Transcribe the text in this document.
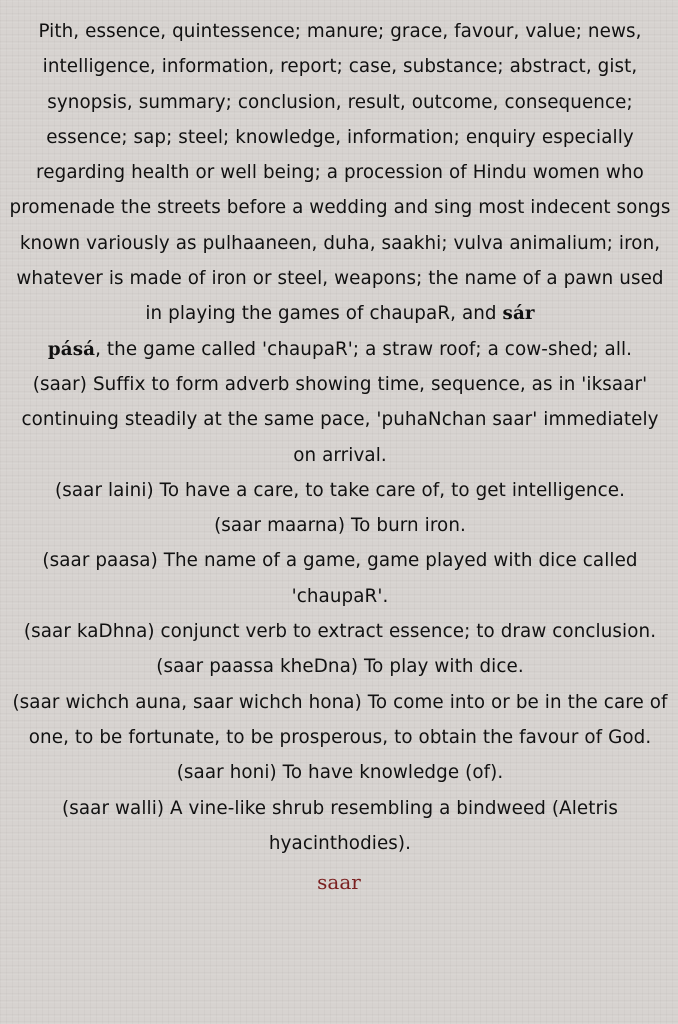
Pith, essence, quintessence; manure; grace, favour, value; news, intelligence, information, report; case, substance; abstract, gist, synopsis, summary; conclusion, result, outcome, consequence; essence; sap; steel; knowledge, information; enquiry especially regarding health or well being; a procession of Hindu women who promenade the streets before a wedding and sing most indecent songs known variously as pulhaaneen, duha, saakhi; vulva animalium; iron, whatever is made of iron or steel, weapons; the name of a pawn used in playing the games of chaupaR, and sár
pásá, the game called 'chaupaR'; a straw roof; a cow-shed; all.
(saar) Suffix to form adverb showing time, sequence, as in 'iksaar' continuing steadily at the same pace, 'puhaNchan saar' immediately on arrival.
(saar laini) To have a care, to take care of, to get intelligence.
(saar maarna) To burn iron.
(saar paasa) The name of a game, game played with dice called 'chaupaR'.
(saar kaDhna) conjunct verb to extract essence; to draw conclusion.
(saar paassa kheDna) To play with dice.
(saar wichch auna, saar wichch hona) To come into or be in the care of one, to be fortunate, to be prosperous, to obtain the favour of God.
(saar honi) To have knowledge (of).
(saar walli) A vine-like shrub resembling a bindweed (Aletris hyacinthodies).
saar
